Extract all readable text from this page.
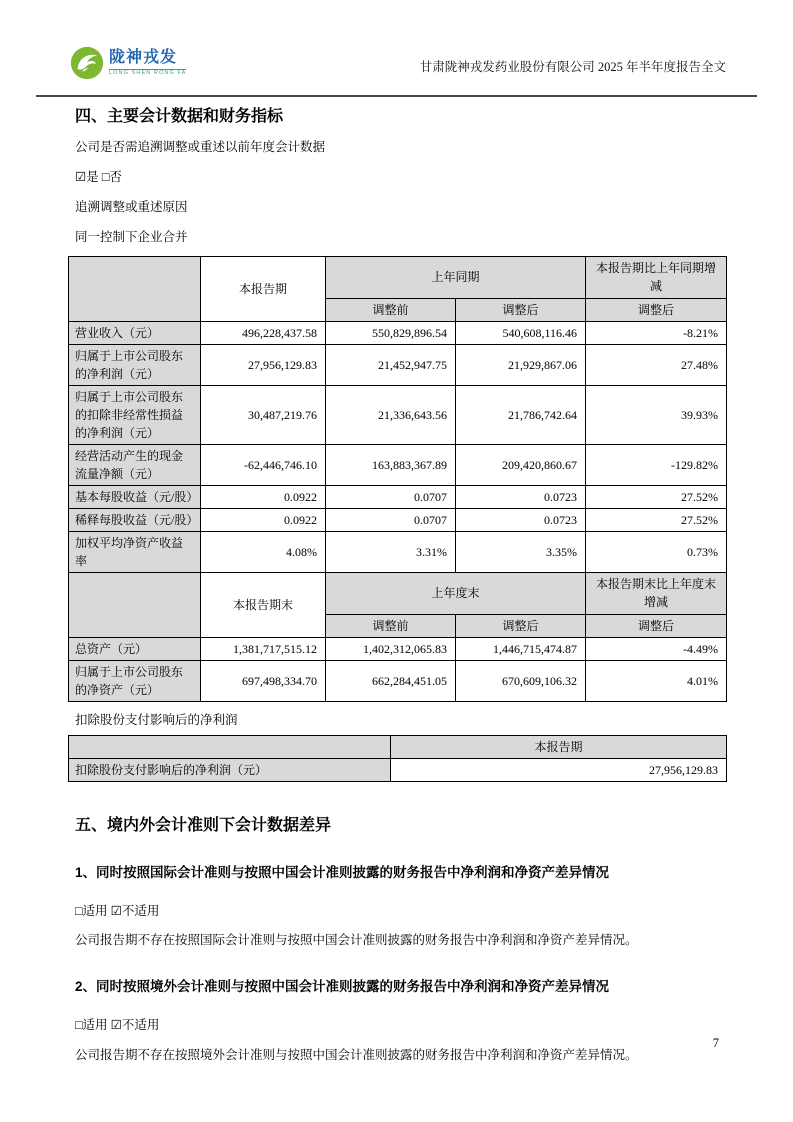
陇神戎发
LONG SHEN RONG FA	甘肃陇神戎发药业股份有限公司 2025 年半年度报告全文
四、主要会计数据和财务指标

公司是否需追溯调整或重述以前年度会计数据

☑是 □否

追溯调整或重述原因

同一控制下企业合并

	本报告期	上年同期		本报告期比上年同期增减
		调整前	调整后	调整后
营业收入（元）	496,228,437.58	550,829,896.54	540,608,116.46	-8.21%
归属于上市公司股东的净利润（元）	27,956,129.83	21,452,947.75	21,929,867.06	27.48%
归属于上市公司股东的扣除非经常性损益的净利润（元）	30,487,219.76	21,336,643.56	21,786,742.64	39.93%
经营活动产生的现金流量净额（元）	-62,446,746.10	163,883,367.89	209,420,860.67	-129.82%
基本每股收益（元/股）	0.0922	0.0707	0.0723	27.52%
稀释每股收益（元/股）	0.0922	0.0707	0.0723	27.52%
加权平均净资产收益率	4.08%	3.31%	3.35%	0.73%
	本报告期末	上年度末		本报告期末比上年度末增减
		调整前	调整后	调整后
总资产（元）	1,381,717,515.12	1,402,312,065.83	1,446,715,474.87	-4.49%
归属于上市公司股东的净资产（元）	697,498,334.70	662,284,451.05	670,609,106.32	4.01%

扣除股份支付影响后的净利润

	本报告期
扣除股份支付影响后的净利润（元）	27,956,129.83
五、境内外会计准则下会计数据差异
1、同时按照国际会计准则与按照中国会计准则披露的财务报告中净利润和净资产差异情况

□适用 ☑不适用

公司报告期不存在按照国际会计准则与按照中国会计准则披露的财务报告中净利润和净资产差异情况。

2、同时按照境外会计准则与按照中国会计准则披露的财务报告中净利润和净资产差异情况

□适用 ☑不适用

公司报告期不存在按照境外会计准则与按照中国会计准则披露的财务报告中净利润和净资产差异情况。

7
